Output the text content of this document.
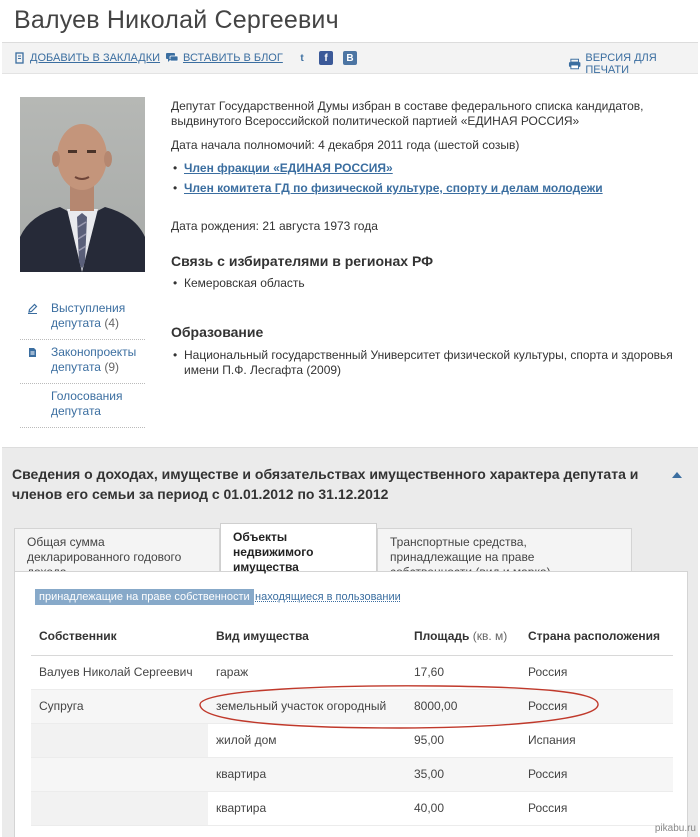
Валуев Николай Сергеевич
ДОБАВИТЬ В ЗАКЛАДКИ ВСТАВИТЬ В БЛОГ	t	f	B	ВЕРСИЯ ДЛЯ ПЕЧАТИ
Выступления депутата (4)
Законопроекты депутата (9)
Голосования депутата

Депутат Государственной Думы избран в составе федерального списка кандидатов, выдвинутого Всероссийской политической партией «ЕДИНАЯ РОССИЯ»

Дата начала полномочий: 4 декабря 2011 года (шестой созыв)

• Член фракции «ЕДИНАЯ РОССИЯ»
• Член комитета ГД по физической культуре, спорту и делам молодежи

Дата рождения: 21 августа 1973 года

Связь с избирателями в регионах РФ

• Кемеровская область

Образование

• Национальный государственный Университет физической культуры, спорта и здоровья имени П.Ф. Лесгафта (2009)

Сведения о доходах, имуществе и обязательствах имущественного характера депутата и членов его семьи за период с 01.01.2012 по 31.12.2012
Общая сумма декларированного годового
Объекты недвижимого имущества
Транспортные средства, принадлежащие на праве
принадлежащие на праве собственности находящиеся в пользовании
Собственник	Вид имущества	Площадь (кв. м)	Страна расположения
Валуев Николай Сергеевич	гараж	17,60	Россия
Супруга	земельный участок огородный	8000,00	Россия
	жилой дом	95,00	Испания
	квартира	35,00	Россия
	квартира	40,00	Россия
pikabu.ru
